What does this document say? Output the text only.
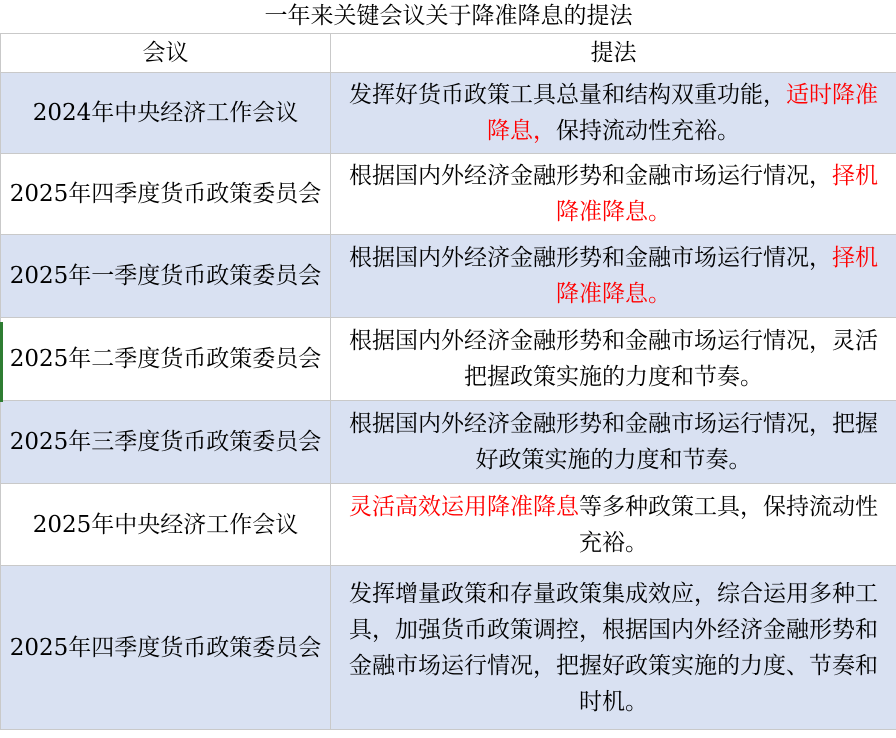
一年来关键会议关于降准降息的提法	
会议	提法
2024年中央经济工作会议	发挥好货币政策工具总量和结构双重功能，适时降准降息，保持流动性充裕。
2025年四季度货币政策委员会	根据国内外经济金融形势和金融市场运行情况，择机降准降息。
2025年一季度货币政策委员会	根据国内外经济金融形势和金融市场运行情况，择机降准降息。
2025年二季度货币政策委员会	根据国内外经济金融形势和金融市场运行情况，灵活把握政策实施的力度和节奏。
2025年三季度货币政策委员会	根据国内外经济金融形势和金融市场运行情况，把握好政策实施的力度和节奏。
2025年中央经济工作会议	灵活高效运用降准降息等多种政策工具，保持流动性充裕。
2025年四季度货币政策委员会	发挥增量政策和存量政策集成效应，综合运用多种工具，加强货币政策调控，根据国内外经济金融形势和金融市场运行情况，把握好政策实施的力度、节奏和时机。
